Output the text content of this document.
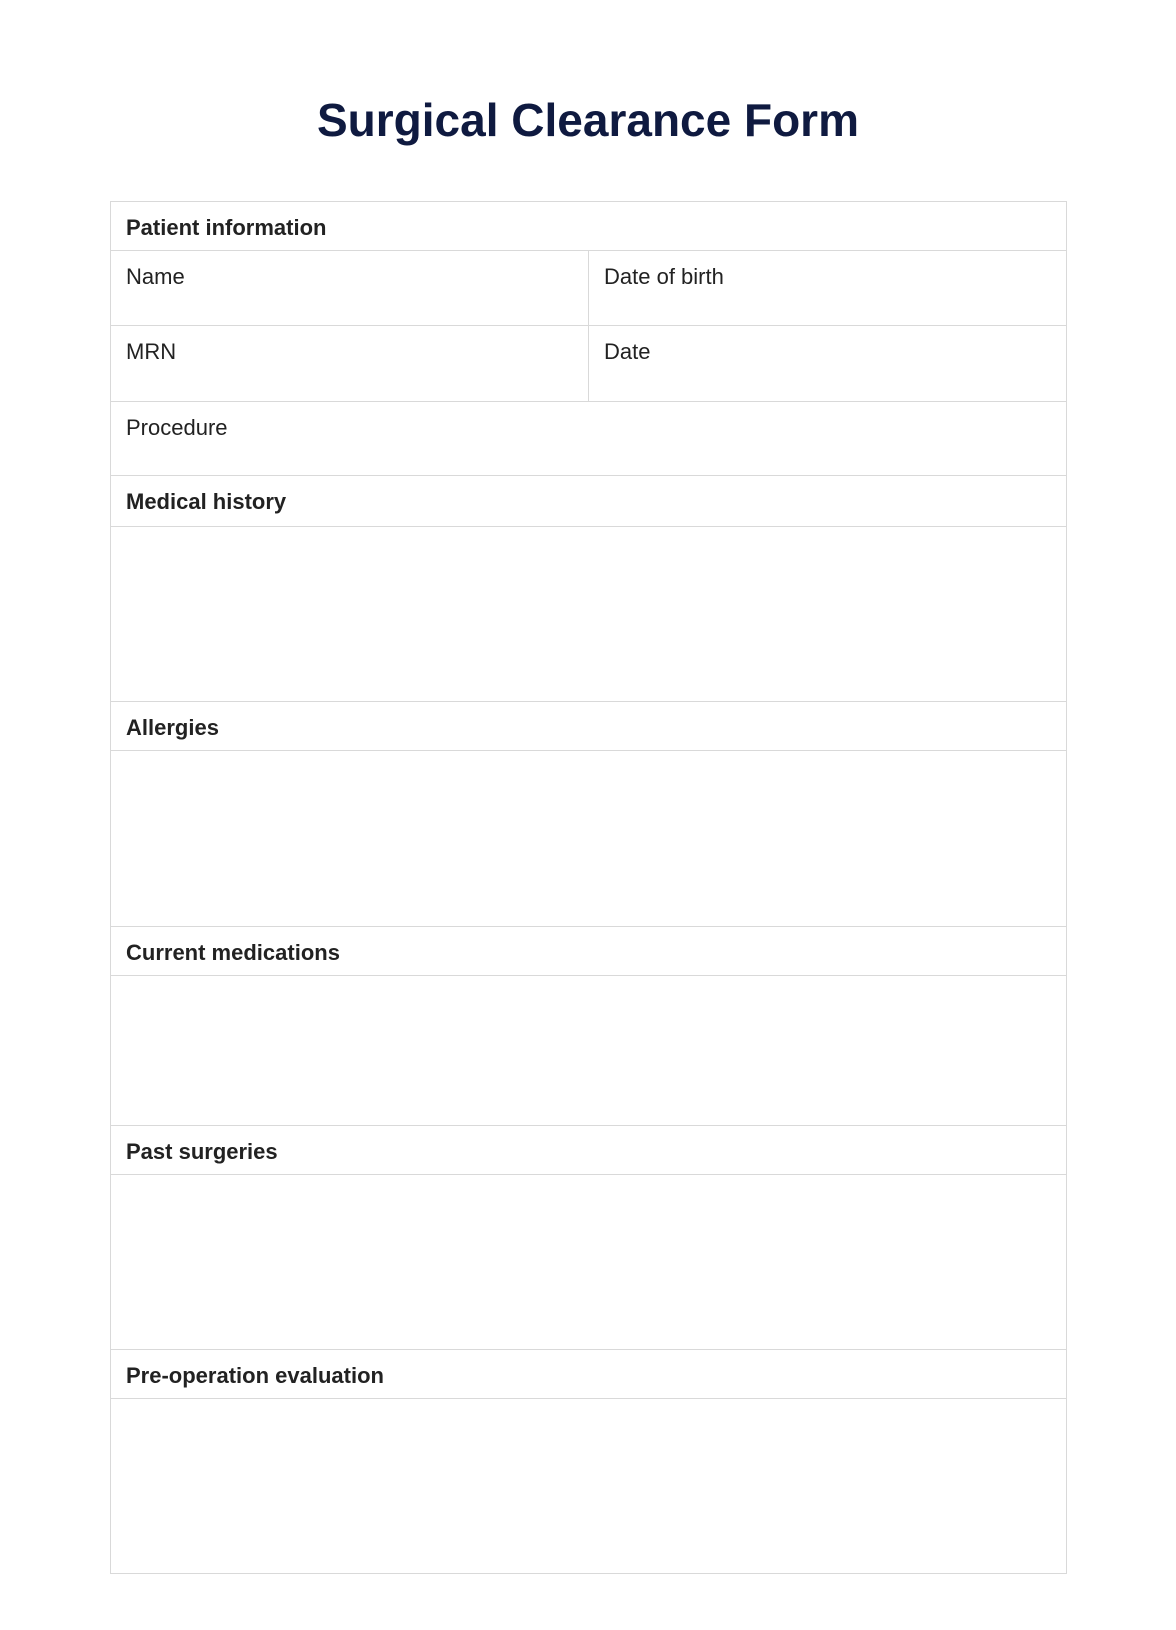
Surgical Clearance Form
Patient information	
Name	Date of birth
MRN	Date
Procedure	
Medical history	

Allergies	

Current medications	

Past surgeries	

Pre-operation evaluation	
